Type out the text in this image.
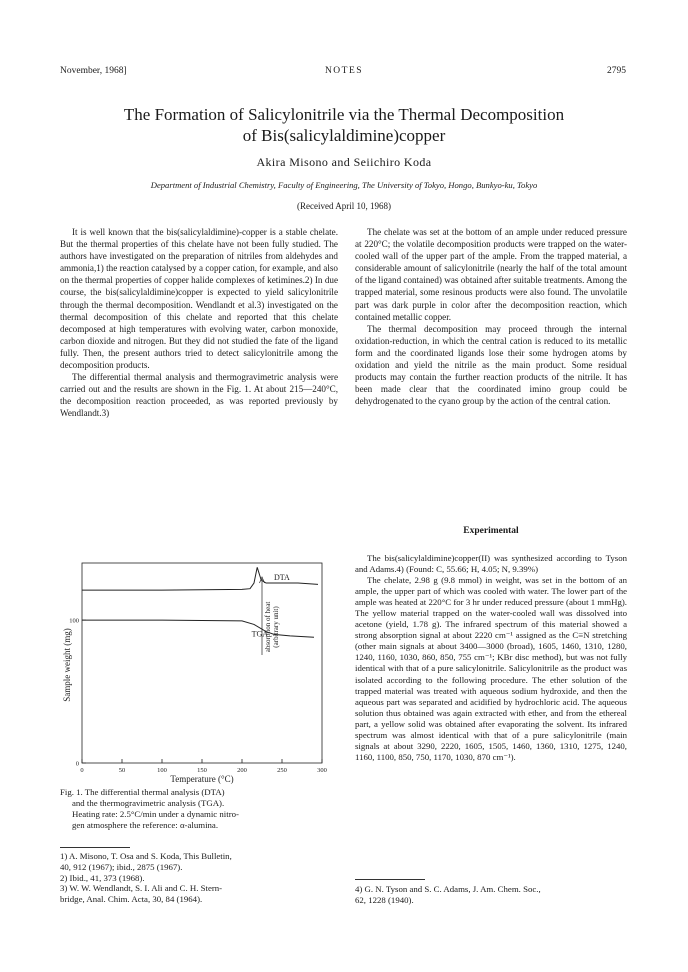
November, 1968]	NOTES	2795
The Formation of Salicylonitrile via the Thermal Decomposition
of Bis(salicylaldimine)copper
Akira Misono and Seiichiro Koda
Department of Industrial Chemistry, Faculty of Engineering, The University of Tokyo, Hongo, Bunkyo-ku, Tokyo
(Received April 10, 1968)

It is well known that the bis(salicylaldimine)-copper is a stable chelate. But the thermal properties of this chelate have not been fully studied. The authors have investigated on the preparation of nitriles from aldehydes and ammonia,1) the reaction catalysed by a copper cation, for example, and also on the thermal properties of copper halide complexes of ketimines.2) In due course, the bis(salicylaldimine)copper is expected to yield salicylonitrile through the thermal decomposition. Wendlandt et al.3) investigated on the thermal decomposition of this chelate and reported that this chelate decomposed at high temperatures with evolving water, carbon monoxide, carbon dioxide and nitrogen. But they did not studied the fate of the ligand fully. Then, the present authors tried to detect salicylonitrile among the decomposition products.

The differential thermal analysis and thermogravimetric analysis were carried out and the results are shown in the Fig. 1. At about 215—240°C, the decomposition reaction proceeded, as was reported previously by Wendlandt.3)

The chelate was set at the bottom of an ample under reduced pressure at 220°C; the volatile decomposition products were trapped on the water-cooled wall of the upper part of the ample. From the trapped material, a considerable amount of salicylonitrile (nearly the half of the total amount of the ligand contained) was obtained after suitable treatments. Among the trapped material, some resinous products were also found. The unvolatile part was dark purple in color after the decomposition reaction, which contained metallic copper.

The thermal decomposition may proceed through the internal oxidation-reduction, in which the central cation is reduced to its metallic form and the coordinated ligands lose their some hydrogen atoms by oxidation and yield the nitrile as the main product. Some residual products may contain the further reaction products of the nitrile. It has been made clear that the coordinated imino group could be dehydrogenated to the cyano group by the action of the central cation.

Experimental

The bis(salicylaldimine)copper(II) was synthesized according to Tyson and Adams.4) (Found: C, 55.66; H, 4.05; N, 9.39%)

The chelate, 2.98 g (9.8 mmol) in weight, was set in the bottom of an ample, the upper part of which was cooled with water. The lower part of the ample was heated at 220°C for 3 hr under reduced pressure (about 1 mmHg). The yellow material trapped on the water-cooled wall was dissolved into acetone (yield, 1.78 g). The infrared spectrum of this material showed a strong absorption signal at about 2220 cm⁻¹ assigned as the C≡N stretching (other main signals at about 3400—3000 (broad), 1605, 1460, 1310, 1280, 1240, 1160, 1030, 860, 850, 755 cm⁻¹; KBr disc method), but was not fully identical with that of a pure salicylonitrile. Salicylonitrile as the product was isolated according to the following procedure. The ether solution of the trapped material was treated with aqueous sodium hydroxide, and then the aqueous part was separated and acidified by hydrochloric acid. The aqueous solution thus obtained was again extracted with ether, and from the ethereal part, a yellow solid was obtained after evaporating the solvent. Its infrared spectrum was almost identical with that of a pure salicylonitrile (main signals at about 3290, 2220, 1605, 1505, 1460, 1360, 1310, 1275, 1240, 1160, 1100, 850, 750, 1170, 1030, 870 cm⁻¹).

Sample weight (mg)
absorption of heat (arbitrary unit)
0	50	100	150	200	250	300
0
100
DTA
TGA
Temperature (°C)
Fig. 1. The differential thermal analysis (DTA)
and the thermogravimetric analysis (TGA).
Heating rate: 2.5°C/min under a dynamic nitro-
gen atmosphere the reference: α-alumina.
1) A. Misono, T. Osa and S. Koda, This Bulletin,
40, 912 (1967); ibid., 2875 (1967).
2) Ibid., 41, 373 (1968).
3) W. W. Wendlandt, S. I. Ali and C. H. Stern-
bridge, Anal. Chim. Acta, 30, 84 (1964).
4) G. N. Tyson and S. C. Adams, J. Am. Chem. Soc.,
62, 1228 (1940).
